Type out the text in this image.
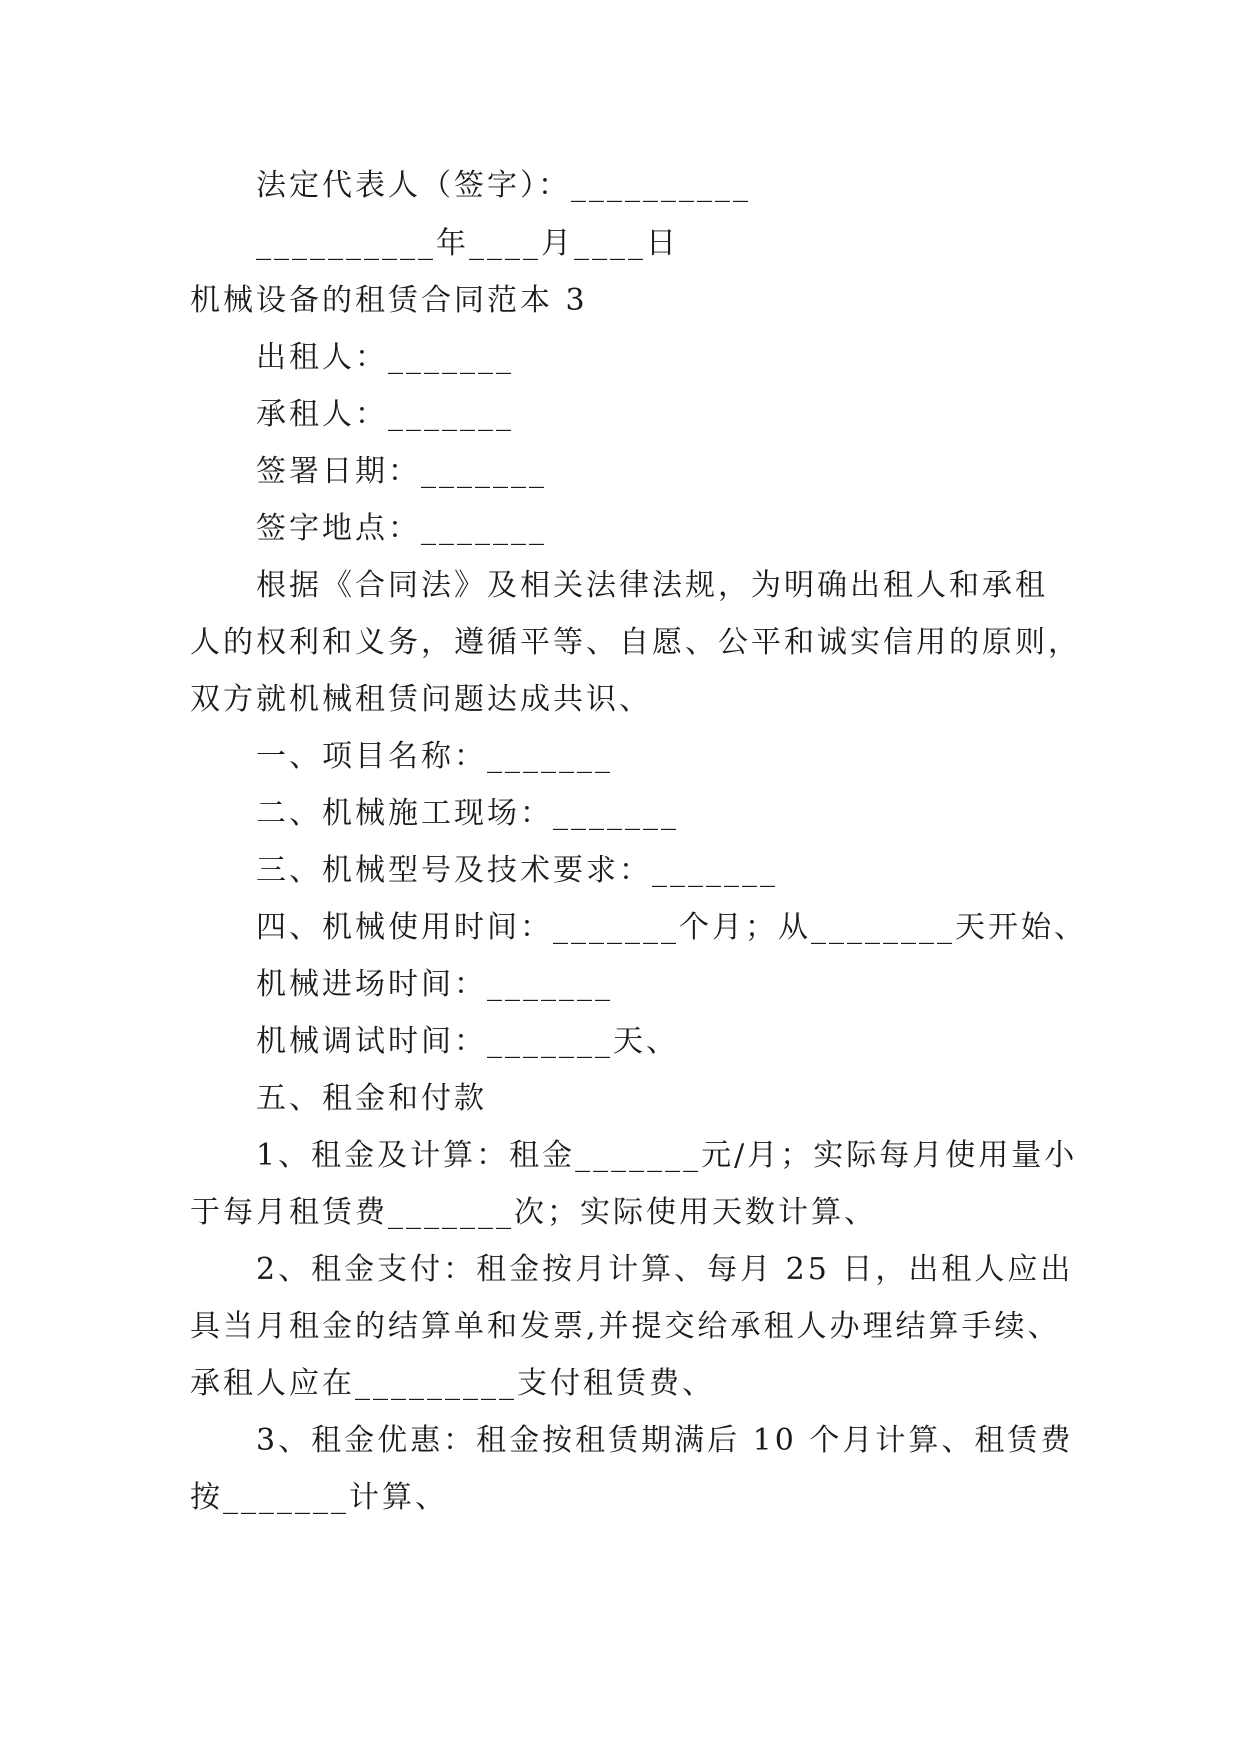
法定代表人（签字）：__________
__________年____月____日
机械设备的租赁合同范本 3
出租人：_______
承租人：_______
签署日期：_______
签字地点：_______
根据《合同法》及相关法律法规，为明确出租人和承租
人的权利和义务，遵循平等、自愿、公平和诚实信用的原则，
双方就机械租赁问题达成共识、
一、项目名称：_______
二、机械施工现场：_______
三、机械型号及技术要求：_______
四、机械使用时间：_______个月；从________天开始、
机械进场时间：_______
机械调试时间：_______天、
五、租金和付款
1、租金及计算：租金_______元/月；实际每月使用量小
于每月租赁费_______次；实际使用天数计算、
2、租金支付：租金按月计算、每月 25 日，出租人应出
具当月租金的结算单和发票,并提交给承租人办理结算手续、
承租人应在_________支付租赁费、
3、租金优惠：租金按租赁期满后 10 个月计算、租赁费
按_______计算、
